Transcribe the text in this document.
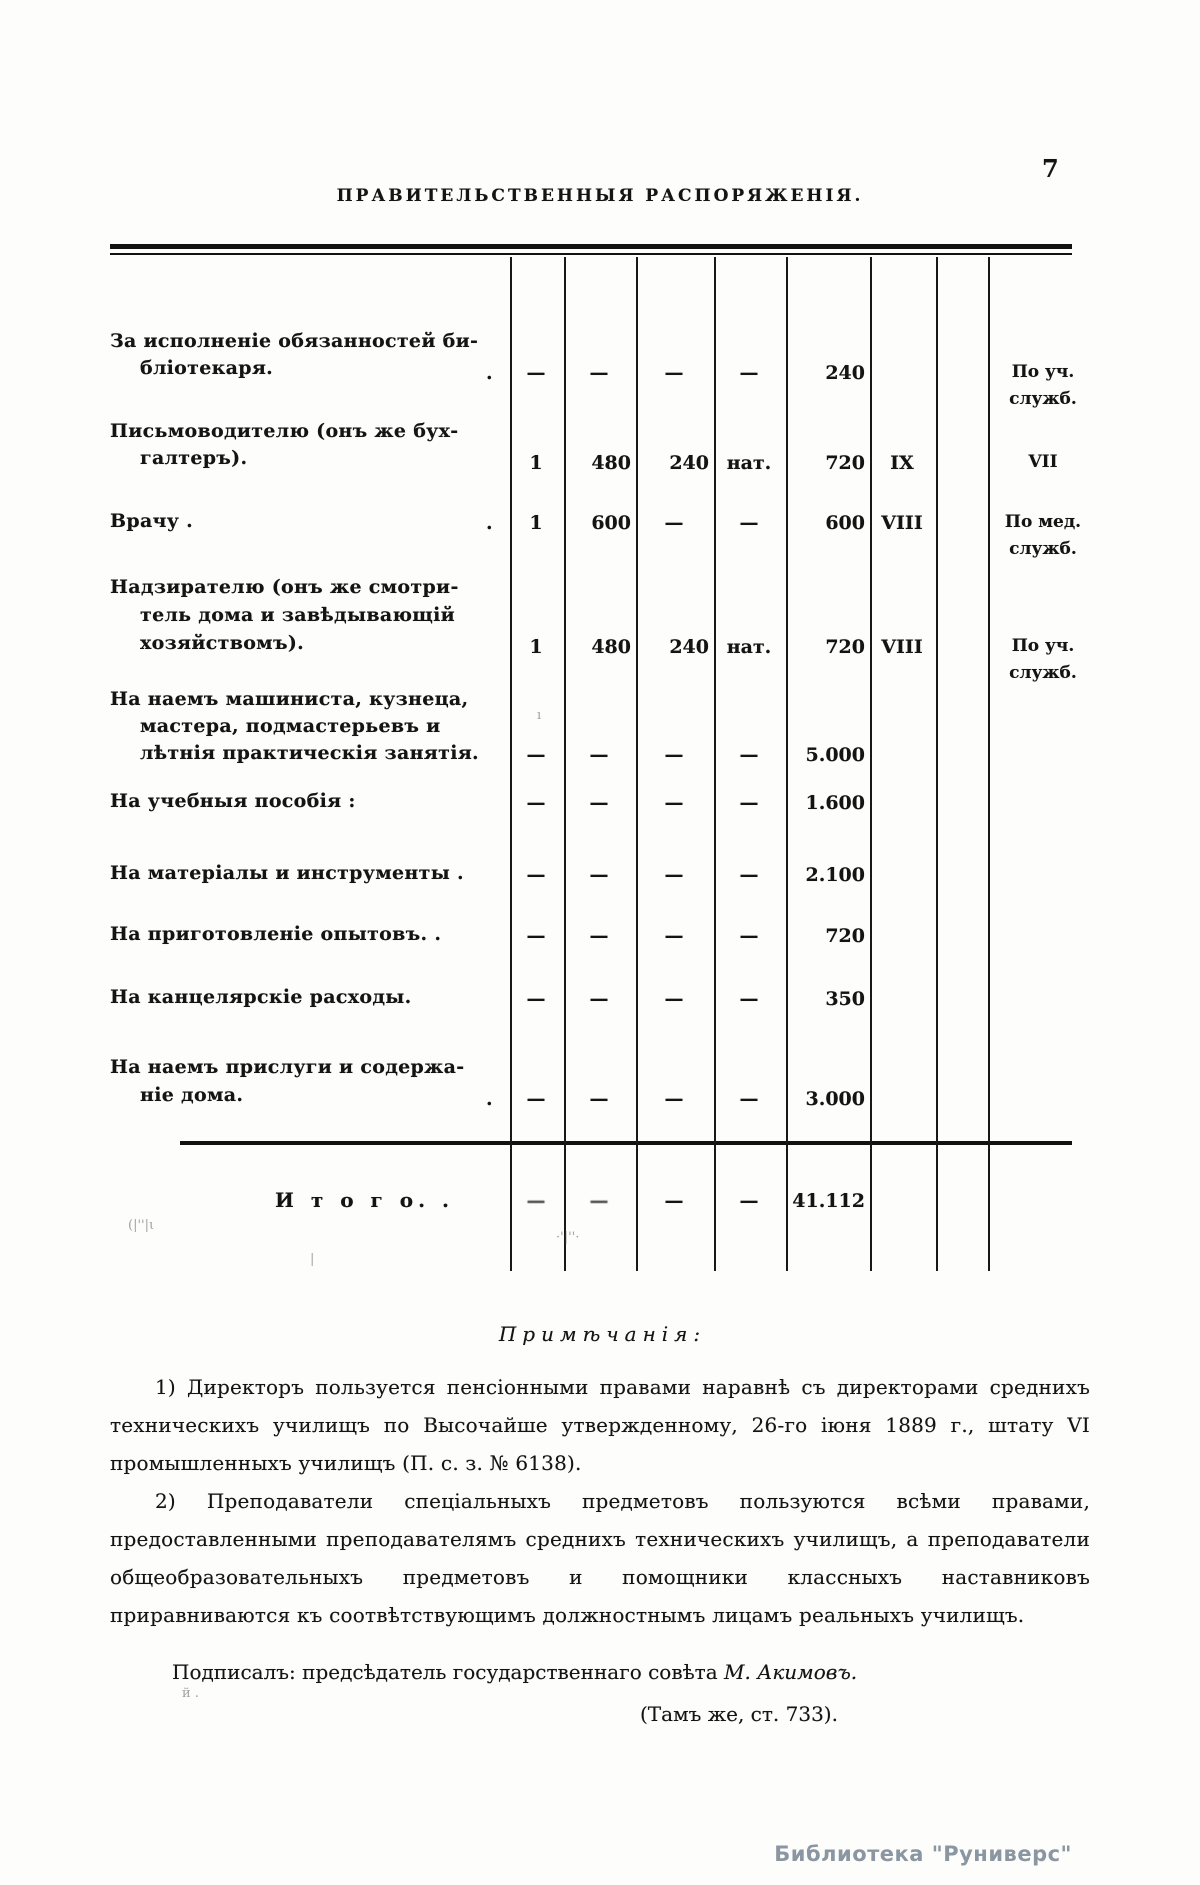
ПРАВИТЕЛЬСТВЕННЫЯ РАСПОРЯЖЕНІЯ.
7
За исполненіе обязанностей би-
бліотекаря.	.	—	—	—	—	240	По уч.
служб.
Письмоводителю (онъ же бух-
галтеръ).	1	480	240 нат.	720	IX	VII
Врачу .	.	1	600	—	—	600 VIII	По мед.
служб.
Надзирателю (онъ же смотри-
тель дома и завѣдывающій
хозяйствомъ).	1	480	240 нат.	720 VIII	По уч.
служб.
На наемъ машиниста, кузнеца,
мастера, подмастерьевъ и
лѣтнія практическія занятія.	—	—	—	—	5.000
На учебныя пособія :	—	—	—	—	1.600
На матеріалы и инструменты .	—	—	—	—	2.100
На приготовленіе опытовъ. .	—	—	—	—	720
На канцелярскіе расходы.	—	—	—	—	350
На наемъ прислуги и содержа-
ніе дома.	.	—	—	—	—	3.000
И т о г о. .	—	—	—	—	41.112
Примѣчанія:

1) Директоръ пользуется пенсіонными правами наравнѣ съ директорами среднихъ техническихъ училищъ по Высочайше утвержденному, 26-го іюня 1889 г., штату VI промышленныхъ училищъ (П. с. з. № 6138).

2) Преподаватели спеціальныхъ предметовъ пользуются всѣми правами, предоставленными преподавателямъ среднихъ техническихъ училищъ, а преподаватели общеобразовательныхъ предметовъ и помощники классныхъ наставниковъ приравниваются къ соотвѣтствующимъ должностнымъ лицамъ реальныхъ училищъ.

Подписалъ: предсѣдатель государственнаго совѣта М. Акимовъ.
(Тамъ же, ст. 733).
Библиотека "Руниверс"
(|''|ι
·'|''·
|
ı
й .
